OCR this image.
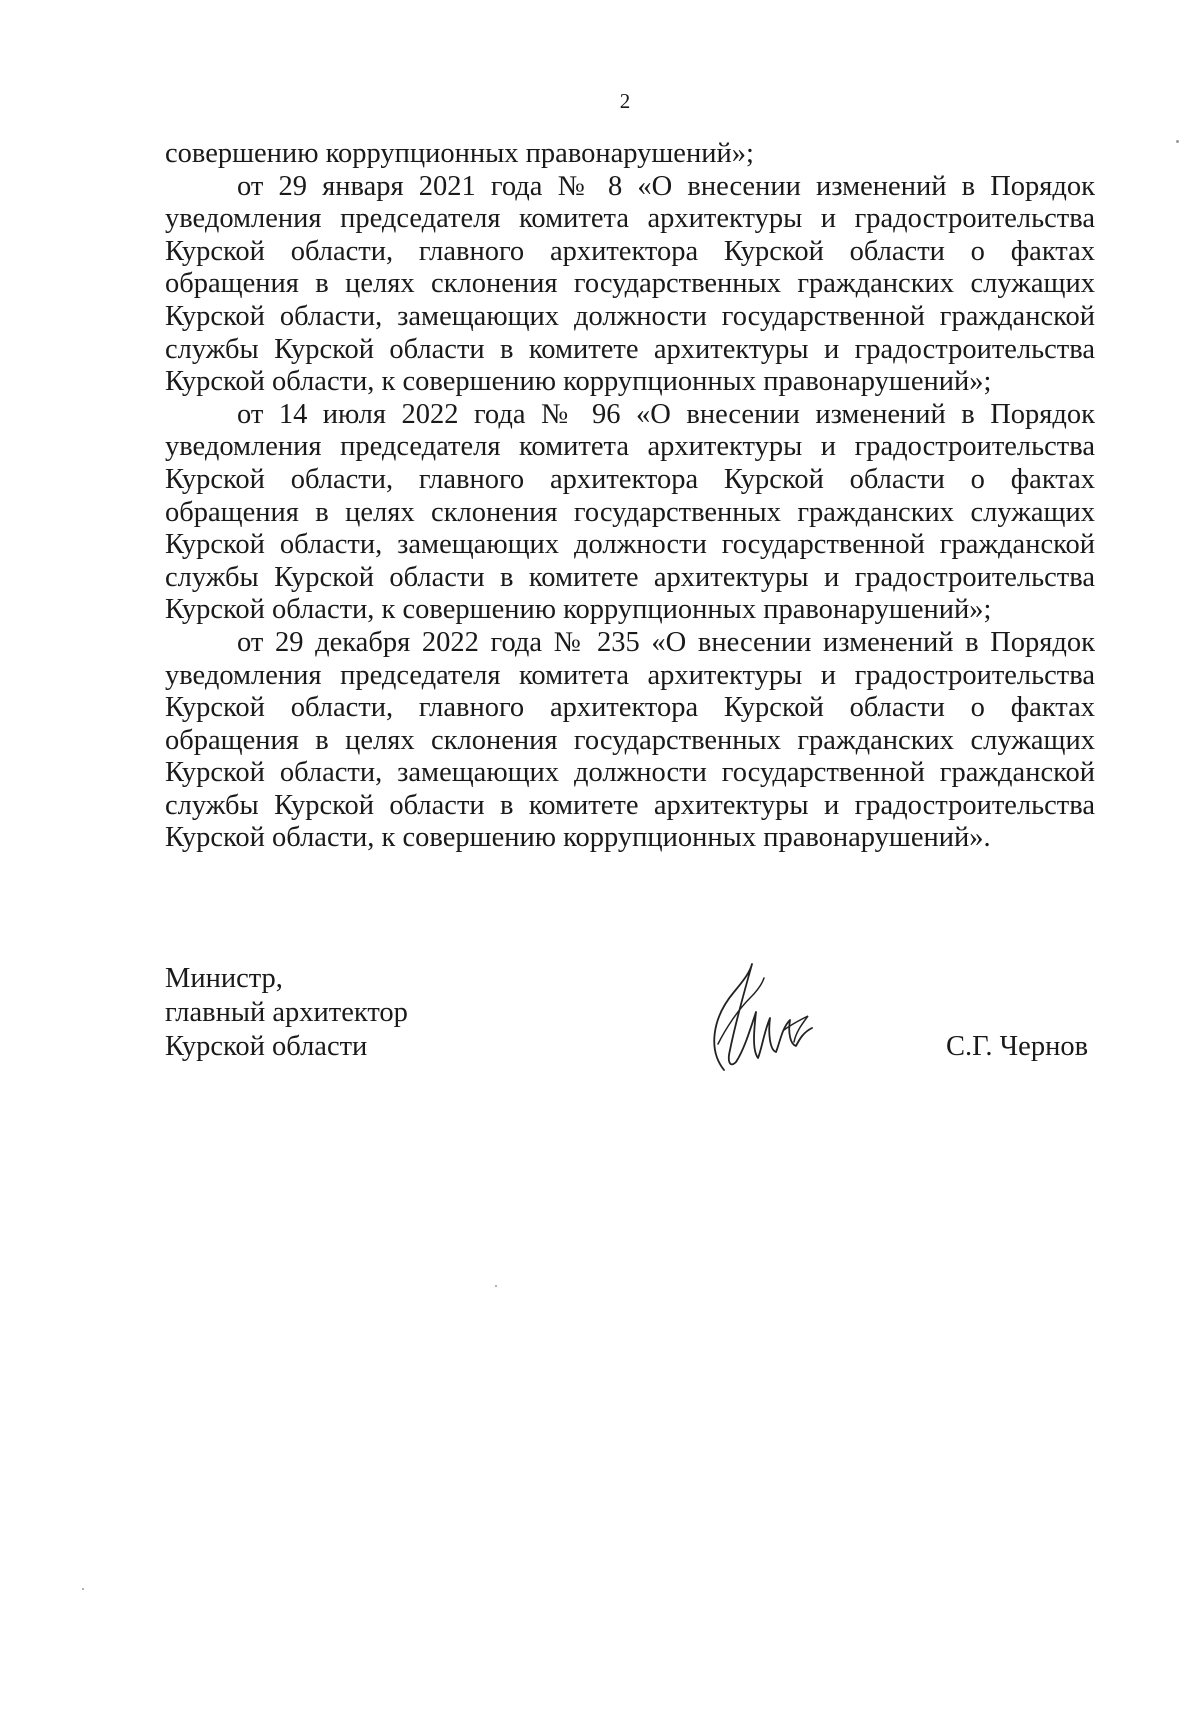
2

совершению коррупционных правонарушений»;

от 29 января 2021 года № 8 «О внесении изменений в Порядок уведомления председателя комитета архитектуры и градостроительства Курской области, главного архитектора Курской области о фактах обращения в целях склонения государственных гражданских служащих Курской области, замещающих должности государственной гражданской службы Курской области в комитете архитектуры и градостроительства Курской области, к совершению коррупционных правонарушений»;

от 14 июля 2022 года № 96 «О внесении изменений в Порядок уведомления председателя комитета архитектуры и градостроительства Курской области, главного архитектора Курской области о фактах обращения в целях склонения государственных гражданских служащих Курской области, замещающих должности государственной гражданской службы Курской области в комитете архитектуры и градостроительства Курской области, к совершению коррупционных правонарушений»;

от 29 декабря 2022 года № 235 «О внесении изменений в Порядок уведомления председателя комитета архитектуры и градостроительства Курской области, главного архитектора Курской области о фактах обращения в целях склонения государственных гражданских служащих Курской области, замещающих должности государственной гражданской службы Курской области в комитете архитектуры и градостроительства Курской области, к совершению коррупционных правонарушений».

Министр,
главный архитектор
Курской области	С.Г. Чернов
